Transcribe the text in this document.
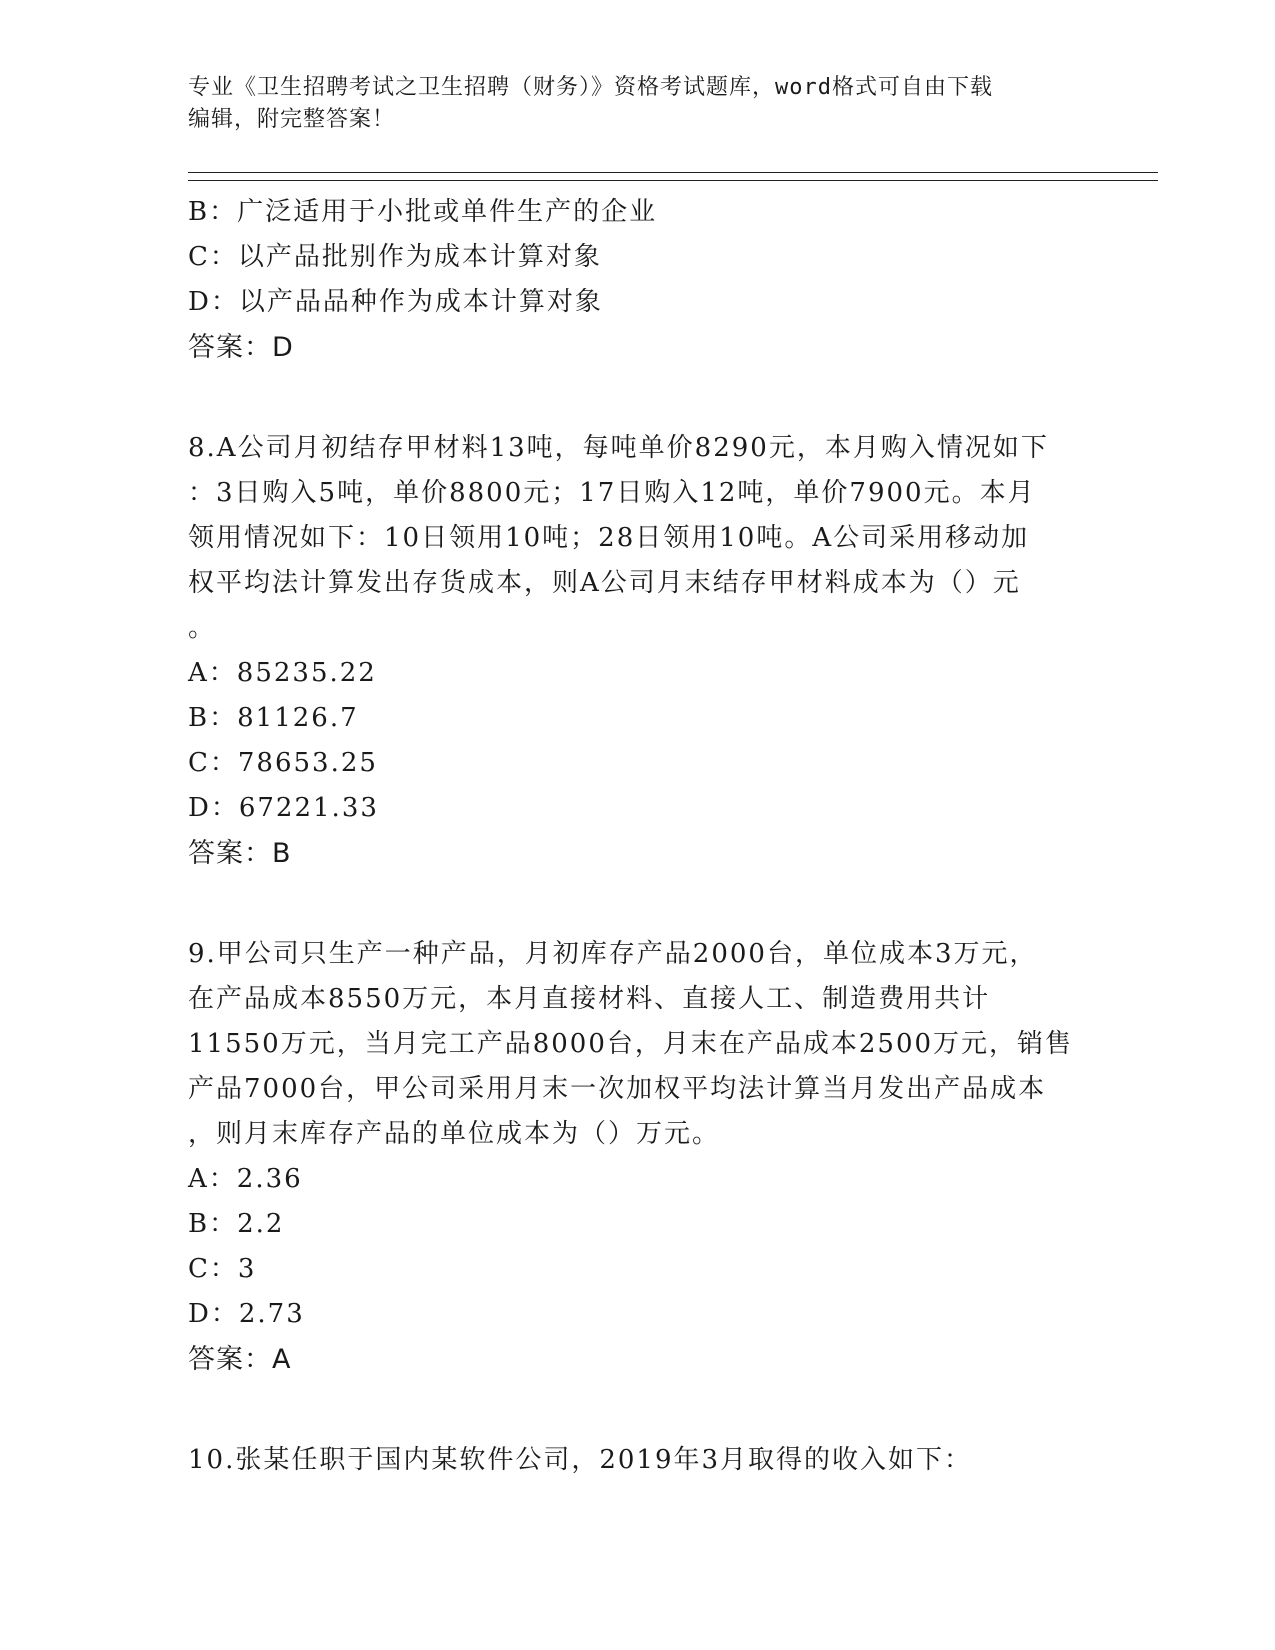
专业《卫生招聘考试之卫生招聘（财务）》资格考试题库，word格式可自由下载
编辑，附完整答案！
B：广泛适用于小批或单件生产的企业
C：以产品批别作为成本计算对象
D：以产品品种作为成本计算对象
答案：D
8.A公司月初结存甲材料13吨，每吨单价8290元，本月购入情况如下
：3日购入5吨，单价8800元；17日购入12吨，单价7900元。本月
领用情况如下：10日领用10吨；28日领用10吨。A公司采用移动加
权平均法计算发出存货成本，则A公司月末结存甲材料成本为（）元
。
A：85235.22
B：81126.7
C：78653.25
D：67221.33
答案：B
9.甲公司只生产一种产品，月初库存产品2000台，单位成本3万元，
在产品成本8550万元，本月直接材料、直接人工、制造费用共计
11550万元，当月完工产品8000台，月末在产品成本2500万元，销售
产品7000台，甲公司采用月末一次加权平均法计算当月发出产品成本
，则月末库存产品的单位成本为（）万元。
A：2.36
B：2.2
C：3
D：2.73
答案：A
10.张某任职于国内某软件公司，2019年3月取得的收入如下：
